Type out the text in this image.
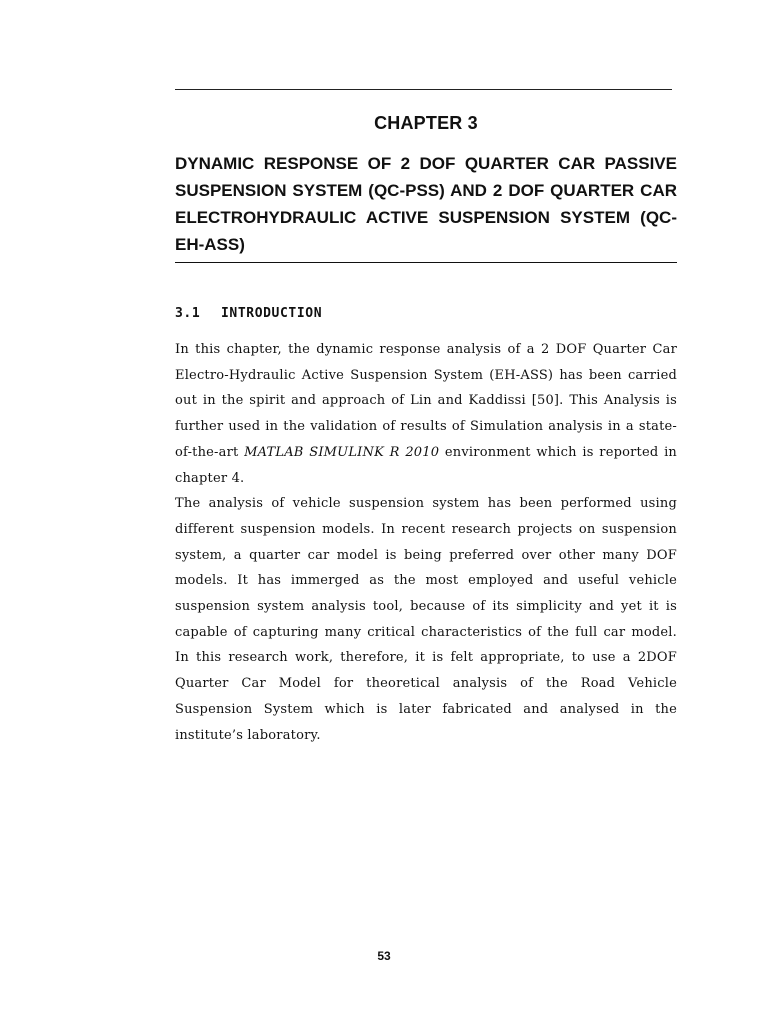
CHAPTER 3
DYNAMIC RESPONSE OF 2 DOF QUARTER CAR PASSIVE SUSPENSION SYSTEM (QC-PSS) AND 2 DOF QUARTER CAR ELECTROHYDRAULIC ACTIVE SUSPENSION SYSTEM (QC-EH-ASS)
3.1 INTRODUCTION

In this chapter, the dynamic response analysis of a 2 DOF Quarter Car Electro-Hydraulic Active Suspension System (EH-ASS) has been carried out in the spirit and approach of Lin and Kaddissi [50]. This Analysis is further used in the validation of results of Simulation analysis in a state-of-the-art MATLAB SIMULINK R 2010 environment which is reported in chapter 4.

The analysis of vehicle suspension system has been performed using different suspension models. In recent research projects on suspension system, a quarter car model is being preferred over other many DOF models. It has immerged as the most employed and useful vehicle suspension system analysis tool, because of its simplicity and yet it is capable of capturing many critical characteristics of the full car model. In this research work, therefore, it is felt appropriate, to use a 2DOF Quarter Car Model for theoretical analysis of the Road Vehicle Suspension System which is later fabricated and analysed in the institute’s laboratory.

53
